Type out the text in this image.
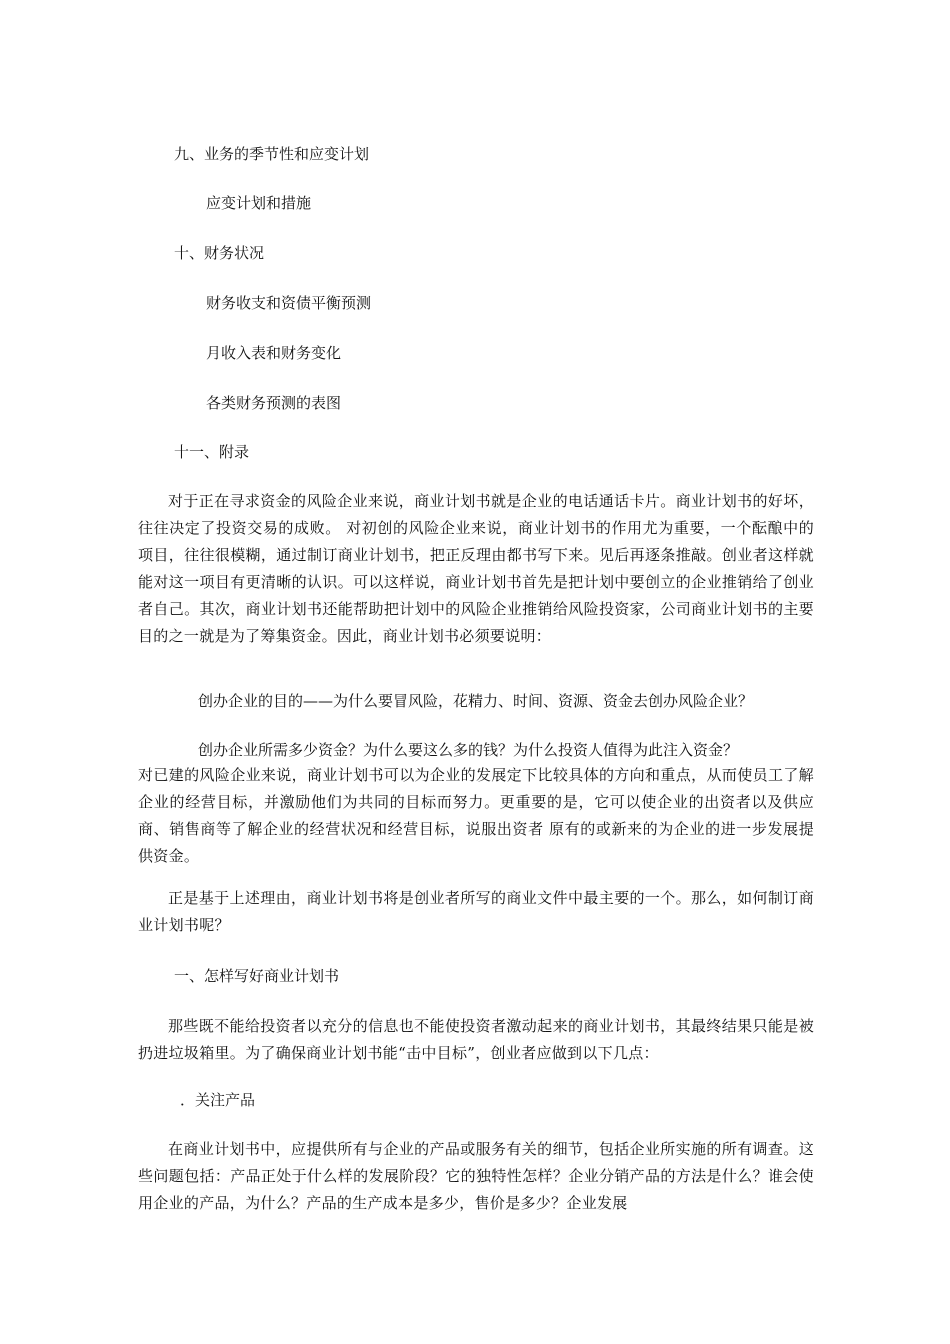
九、业务的季节性和应变计划
应变计划和措施
十、财务状况
财务收支和资债平衡预测
月收入表和财务变化
各类财务预测的表图
十一、附录
对于正在寻求资金的风险企业来说，商业计划书就是企业的电话通话卡片。商业计划书的好坏，往往决定了投资交易的成败。 对初创的风险企业来说，商业计划书的作用尤为重要，一个酝酿中的项目，往往很模糊，通过制订商业计划书，把正反理由都书写下来。见后再逐条推敲。创业者这样就能对这一项目有更清晰的认识。可以这样说，商业计划书首先是把计划中要创立的企业推销给了创业者自己。其次，商业计划书还能帮助把计划中的风险企业推销给风险投资家，公司商业计划书的主要目的之一就是为了筹集资金。因此，商业计划书必须要说明：
创办企业的目的——为什么要冒风险，花精力、时间、资源、资金去创办风险企业？
创办企业所需多少资金？为什么要这么多的钱？为什么投资人值得为此注入资金？
对已建的风险企业来说，商业计划书可以为企业的发展定下比较具体的方向和重点，从而使员工了解企业的经营目标，并激励他们为共同的目标而努力。更重要的是，它可以使企业的出资者以及供应商、销售商等了解企业的经营状况和经营目标，说服出资者 原有的或新来的为企业的进一步发展提供资金。
正是基于上述理由，商业计划书将是创业者所写的商业文件中最主要的一个。那么，如何制订商业计划书呢？
一、怎样写好商业计划书
那些既不能给投资者以充分的信息也不能使投资者激动起来的商业计划书，其最终结果只能是被扔进垃圾箱里。为了确保商业计划书能“击中目标”，创业者应做到以下几点：
．关注产品
在商业计划书中，应提供所有与企业的产品或服务有关的细节，包括企业所实施的所有调查。这些问题包括：产品正处于什么样的发展阶段？它的独特性怎样？企业分销产品的方法是什么？谁会使用企业的产品，为什么？产品的生产成本是多少，售价是多少？企业发展
